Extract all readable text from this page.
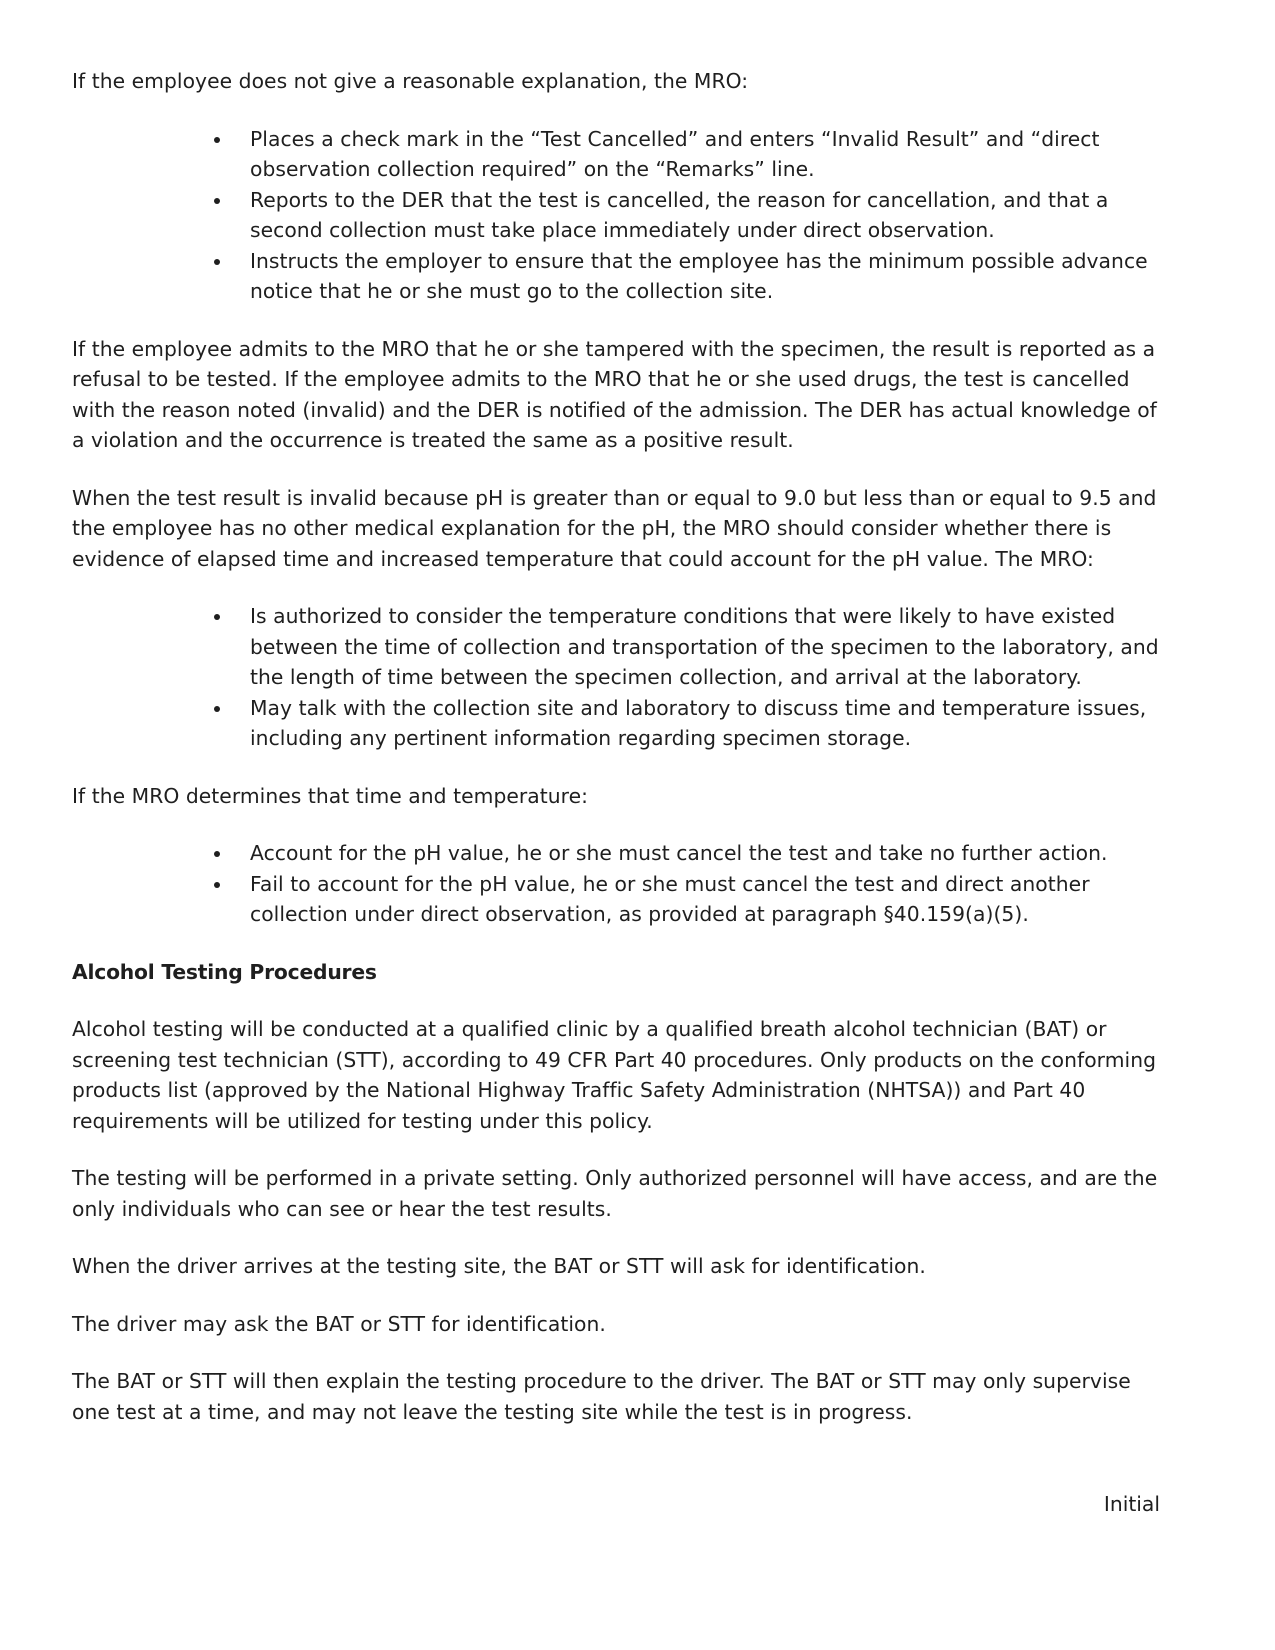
If the employee does not give a reasonable explanation, the MRO:

Places a check mark in the “Test Cancelled” and enters “Invalid Result” and “direct observation collection required” on the “Remarks” line.
Reports to the DER that the test is cancelled, the reason for cancellation, and that a second collection must take place immediately under direct observation.
Instructs the employer to ensure that the employee has the minimum possible advance notice that he or she must go to the collection site.

If the employee admits to the MRO that he or she tampered with the specimen, the result is reported as a refusal to be tested. If the employee admits to the MRO that he or she used drugs, the test is cancelled with the reason noted (invalid) and the DER is notified of the admission. The DER has actual knowledge of a violation and the occurrence is treated the same as a positive result.

When the test result is invalid because pH is greater than or equal to 9.0 but less than or equal to 9.5 and the employee has no other medical explanation for the pH, the MRO should consider whether there is evidence of elapsed time and increased temperature that could account for the pH value. The MRO:

Is authorized to consider the temperature conditions that were likely to have existed between the time of collection and transportation of the specimen to the laboratory, and the length of time between the specimen collection, and arrival at the laboratory.
May talk with the collection site and laboratory to discuss time and temperature issues, including any pertinent information regarding specimen storage.

If the MRO determines that time and temperature:

Account for the pH value, he or she must cancel the test and take no further action.
Fail to account for the pH value, he or she must cancel the test and direct another collection under direct observation, as provided at paragraph §40.159(a)(5).
Alcohol Testing Procedures

Alcohol testing will be conducted at a qualified clinic by a qualified breath alcohol technician (BAT) or screening test technician (STT), according to 49 CFR Part 40 procedures. Only products on the conforming products list (approved by the National Highway Traffic Safety Administration (NHTSA)) and Part 40 requirements will be utilized for testing under this policy.

The testing will be performed in a private setting. Only authorized personnel will have access, and are the only individuals who can see or hear the test results.

When the driver arrives at the testing site, the BAT or STT will ask for identification.

The driver may ask the BAT or STT for identification.

The BAT or STT will then explain the testing procedure to the driver. The BAT or STT may only supervise one test at a time, and may not leave the testing site while the test is in progress.

Initial
